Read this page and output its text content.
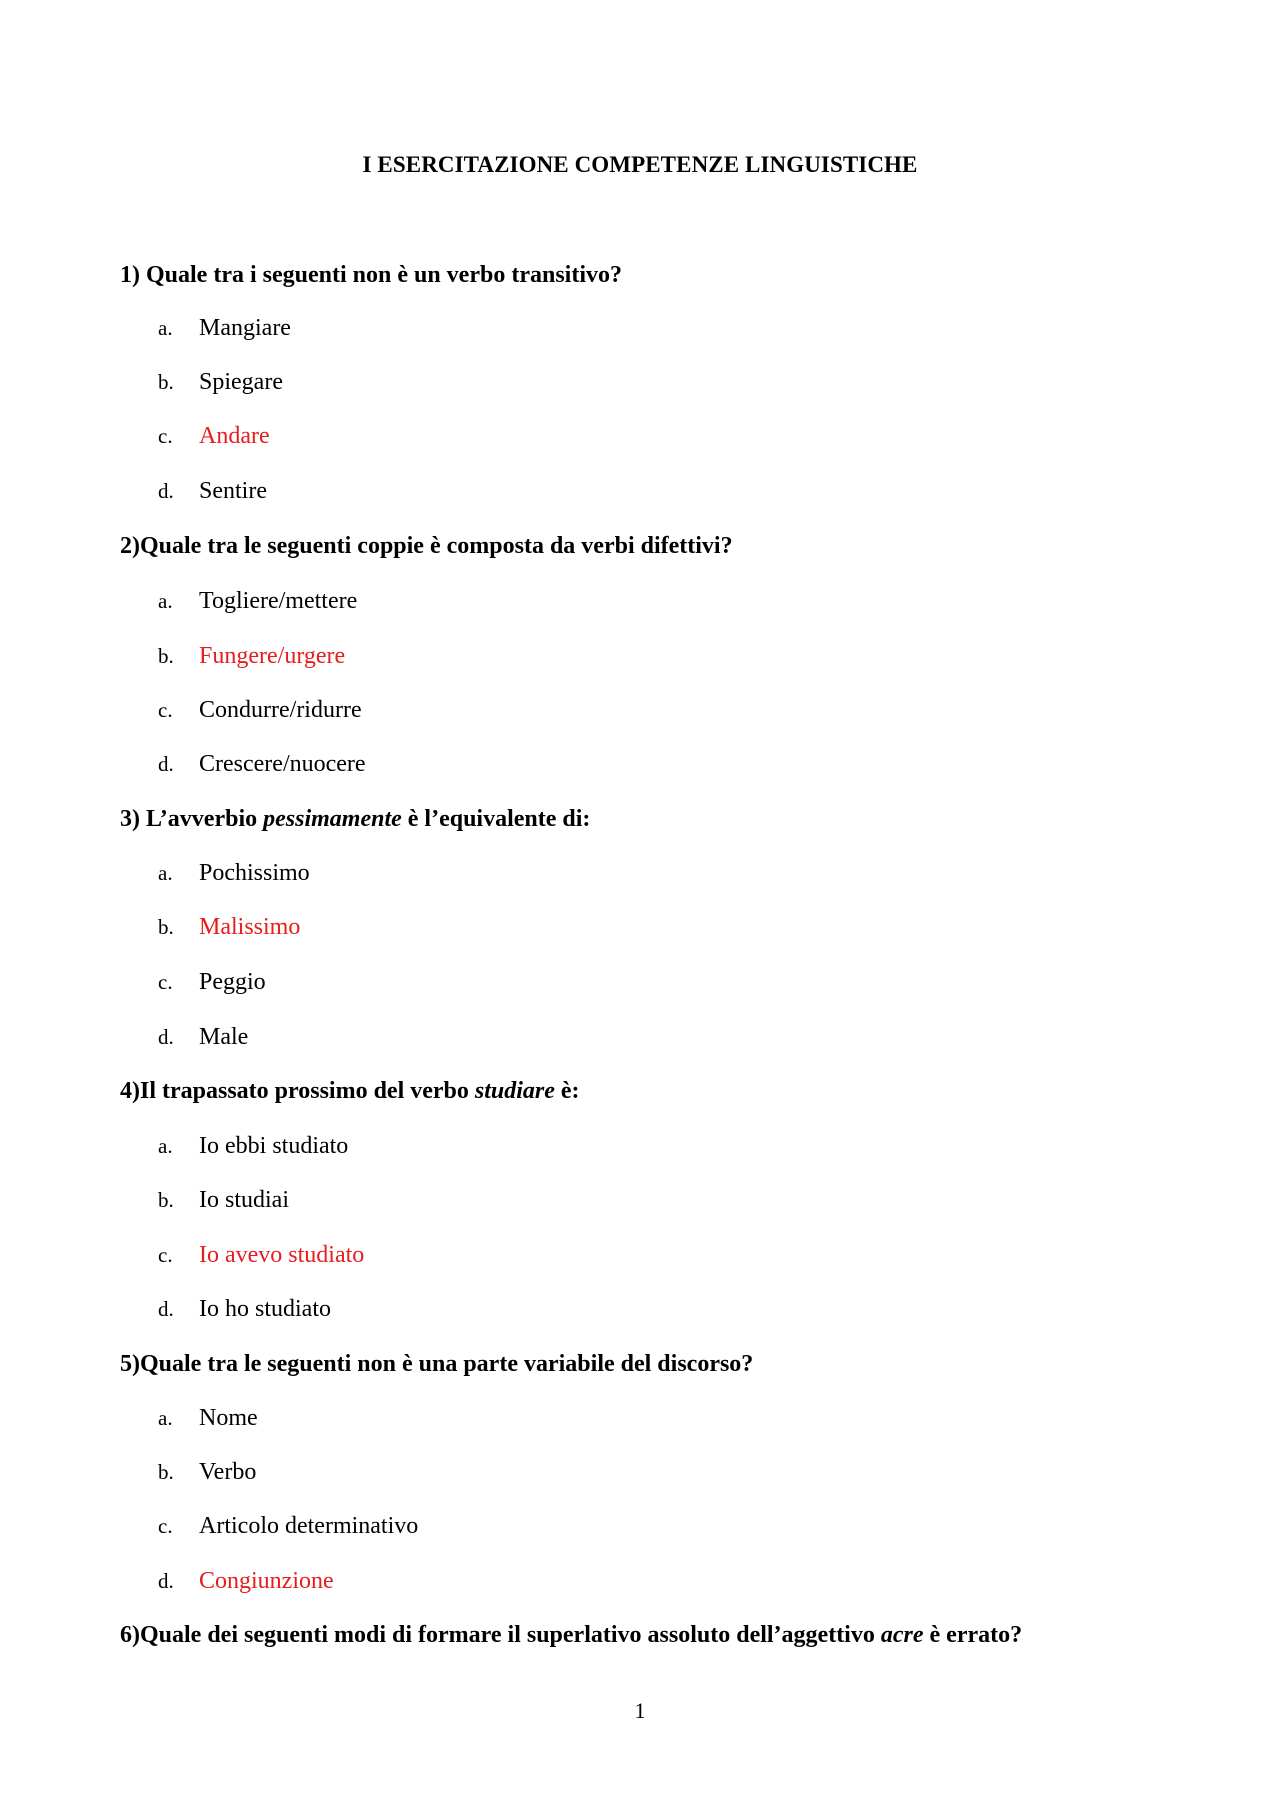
I ESERCITAZIONE COMPETENZE LINGUISTICHE
1) Quale tra i seguenti non è un verbo transitivo?
a. Mangiare
b. Spiegare
c. Andare
d. Sentire
2)Quale tra le seguenti coppie è composta da verbi difettivi?
a. Togliere/mettere
b. Fungere/urgere
c. Condurre/ridurre
d. Crescere/nuocere
3) L’avverbio pessimamente è l’equivalente di:
a. Pochissimo
b. Malissimo
c. Peggio
d. Male
4)Il trapassato prossimo del verbo studiare è:
a. Io ebbi studiato
b. Io studiai
c. Io avevo studiato
d. Io ho studiato
5)Quale tra le seguenti non è una parte variabile del discorso?
a. Nome
b. Verbo
c. Articolo determinativo
d. Congiunzione
6)Quale dei seguenti modi di formare il superlativo assoluto dell’aggettivo acre è errato?
1
